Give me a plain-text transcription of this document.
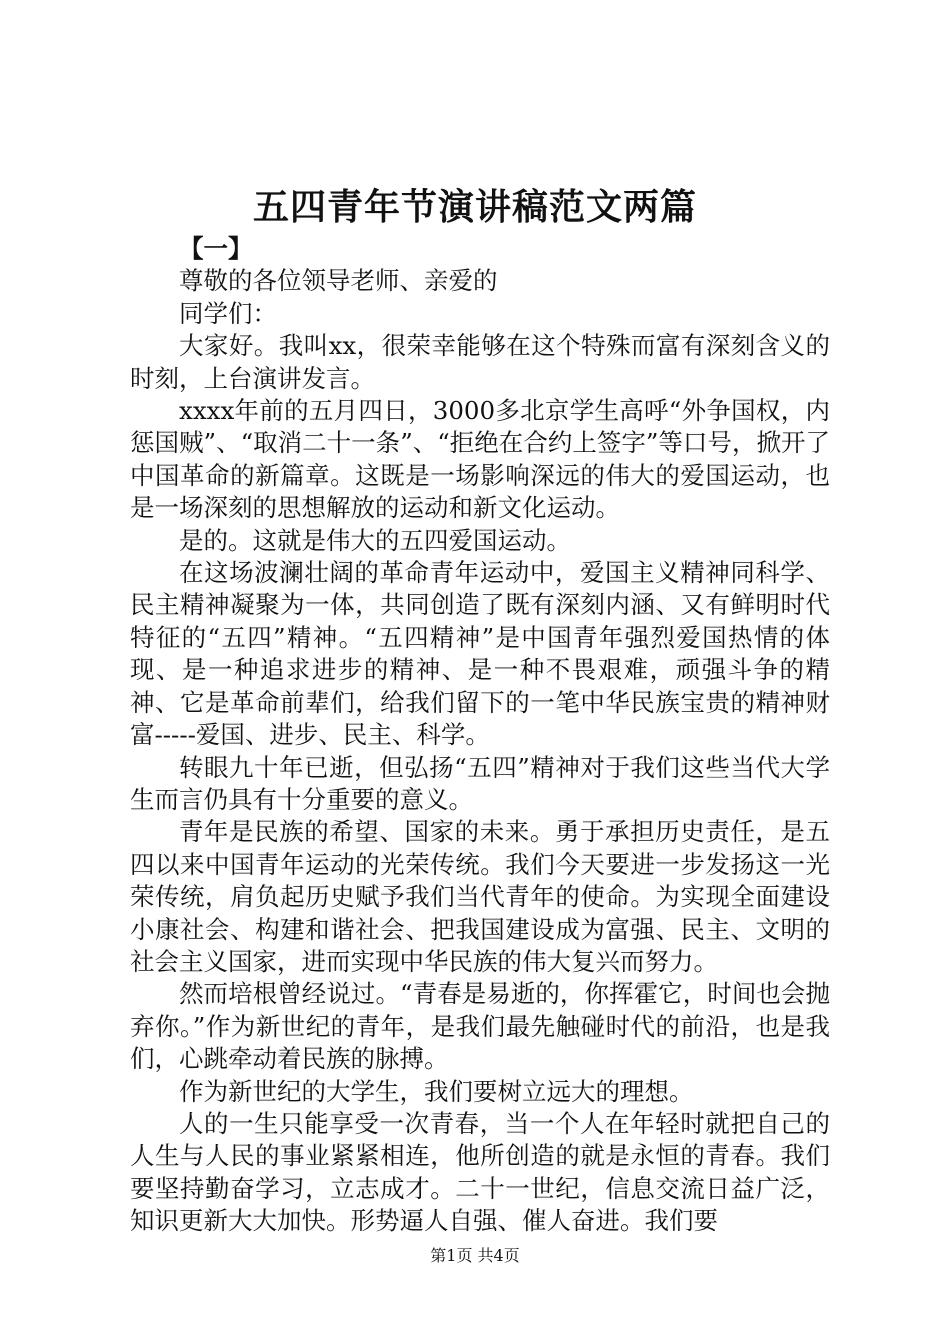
五四青年节演讲稿范文两篇

【一】

尊敬的各位领导老师、亲爱的

同学们：

大家好。我叫xx，很荣幸能够在这个特殊而富有深刻含义的时刻，上台演讲发言。

xxxx年前的五月四日，3000多北京学生高呼“外争国权，内惩国贼”、“取消二十一条”、“拒绝在合约上签字”等口号，掀开了中国革命的新篇章。这既是一场影响深远的伟大的爱国运动，也是一场深刻的思想解放的运动和新文化运动。

是的。这就是伟大的五四爱国运动。

在这场波澜壮阔的革命青年运动中，爱国主义精神同科学、民主精神凝聚为一体，共同创造了既有深刻内涵、又有鲜明时代特征的“五四”精神。“五四精神”是中国青年强烈爱国热情的体现、是一种追求进步的精神、是一种不畏艰难，顽强斗争的精神、它是革命前辈们，给我们留下的一笔中华民族宝贵的精神财富-----爱国、进步、民主、科学。

转眼九十年已逝，但弘扬“五四”精神对于我们这些当代大学生而言仍具有十分重要的意义。

青年是民族的希望、国家的未来。勇于承担历史责任，是五四以来中国青年运动的光荣传统。我们今天要进一步发扬这一光荣传统，肩负起历史赋予我们当代青年的使命。为实现全面建设小康社会、构建和谐社会、把我国建设成为富强、民主、文明的社会主义国家，进而实现中华民族的伟大复兴而努力。

然而培根曾经说过。“青春是易逝的，你挥霍它，时间也会抛弃你。”作为新世纪的青年，是我们最先触碰时代的前沿，也是我们，心跳牵动着民族的脉搏。

作为新世纪的大学生，我们要树立远大的理想。

人的一生只能享受一次青春，当一个人在年轻时就把自己的人生与人民的事业紧紧相连，他所创造的就是永恒的青春。我们要坚持勤奋学习，立志成才。二十一世纪，信息交流日益广泛，知识更新大大加快。形势逼人自强、催人奋进。我们要

第1页 共4页
